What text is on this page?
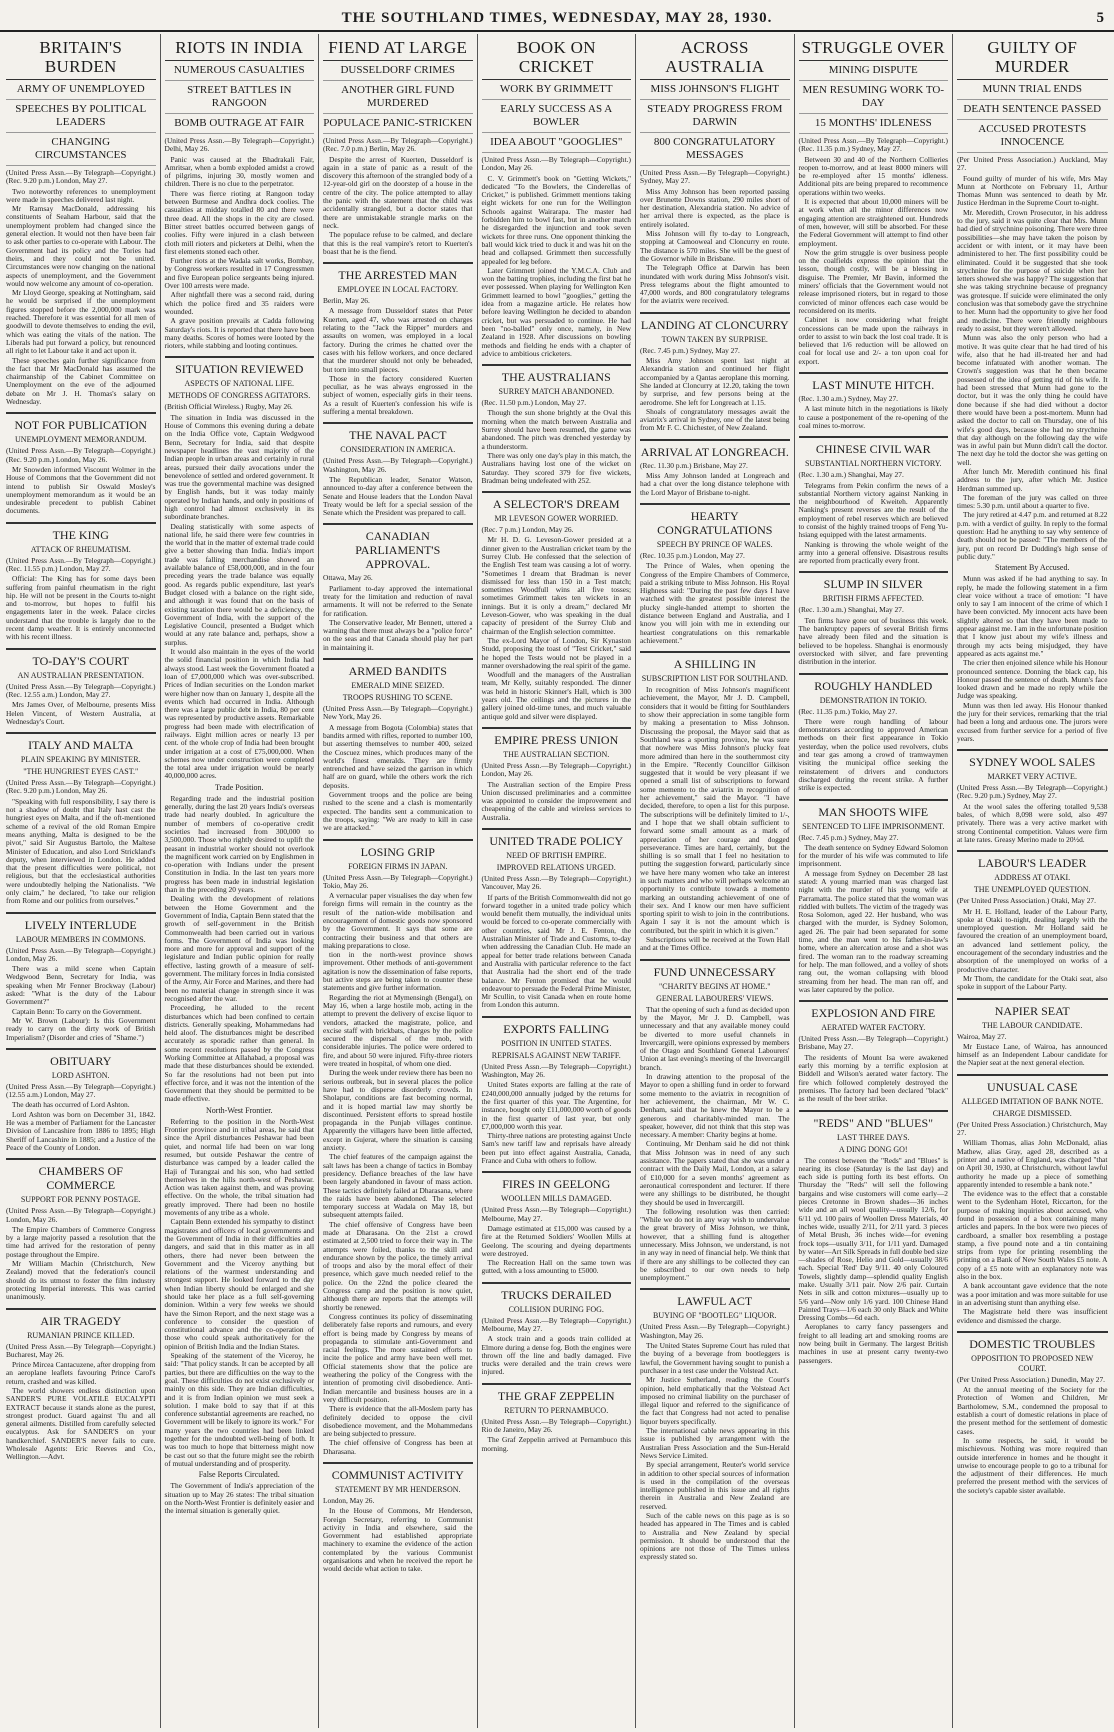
THE SOUTHLAND TIMES, WEDNESDAY, MAY 28, 1930.	5
BRITAIN'S BURDEN
ARMY OF UNEMPLOYED
SPEECHES BY POLITICAL LEADERS
CHANGING CIRCUMSTANCES
(United Press Assn.—By Telegraph—Copyright.) (Rec. 9.20 p.m.) London, May 27.

Two noteworthy references to unemployment were made in speeches delivered last night.

Mr Ramsay MacDonald, addressing his constituents of Seaham Harbour, said that the unemployment problem had changed since the general election. It would not then have been fair to ask other parties to co-operate with Labour. The Government had its policy and the Tories had theirs, and they could not be united. Circumstances were now changing on the national aspects of unemployment, and the Government would now welcome any amount of co-operation.

Mr Lloyd George, speaking at Nottingham, said he would be surprised if the unemployment figures stopped before the 2,000,000 mark was reached. Therefore it was essential for all men of goodwill to devote themselves to ending the evil, which was eating the vitals of the nation. The Liberals had put forward a policy, but renounced all right to let Labour take it and act upon it.

These speeches gain further significance from the fact that Mr MacDonald has assumed the chairmanship of the Cabinet Committee on Unemployment on the eve of the adjourned debate on Mr J. H. Thomas's salary on Wednesday.

NOT FOR PUBLICATION
UNEMPLOYMENT MEMORANDUM.
(United Press Assn.—By Telegraph—Copyright.) (Rec. 9.20 p.m.) London, May 26.

Mr Snowden informed Viscount Wolmer in the House of Commons that the Government did not intend to publish Sir Oswald Mosley's unemployment memorandum as it would be an undesirable precedent to publish Cabinet documents.

THE KING
ATTACK OF RHEUMATISM.
(United Press Assn.—By Telegraph—Copyright.) (Rec. 11.55 p.m.) London, May 27.

Official: The King has for some days been suffering from painful rheumatism in the right hip. He will not be present in the Courts to-night and to-morrow, but hopes to fulfil his engagements later in the week. Palace circles understand that the trouble is largely due to the recent damp weather. It is entirely unconnected with his recent illness.

TO-DAY'S COURT
AN AUSTRALIAN PRESENTATION.
(United Press Assn.—By Telegraph—Copyright.) (Rec. 12.55 a.m.) London, May 27.

Mrs James Over, of Melbourne, presents Miss Helen Vincent, of Western Australia, at Wednesday's Court.

ITALY AND MALTA
PLAIN SPEAKING BY MINISTER.
"THE HUNGRIEST EYES CAST."
(United Press Assn.—By Telegraph—Copyright.) (Rec. 9.20 p.m.) London, May 26.

"Speaking with full responsibility, I say there is not a shadow of doubt that Italy hast cast the hungriest eyes on Malta, and if the oft-mentioned scheme of a revival of the old Roman Empire means anything, Malta is designed to be the pivot," said Sir Augustus Bartolo, the Maltese Minister of Education, and also Lord Strickland's deputy, when interviewed in London. He added that the present difficulties were political, not religious, but that the ecclesiastical authorities were undoubtedly helping the Nationalists. "We only claim," he declared, "to take our religion from Rome and our politics from ourselves."

LIVELY INTERLUDE
LABOUR MEMBERS IN COMMONS.
(United Press Assn.—By Telegraph—Copyright.) London, May 26.

There was a mild scene when Captain Wedgwood Benn, Secretary for India, was speaking when Mr Fenner Brockway (Labour) asked: "What is the duty of the Labour Government?"

Captain Benn: To carry on the Government.

Mr W. Brown (Labour): Is this Government ready to carry on the dirty work of British Imperialism? (Disorder and cries of "Shame.")

OBITUARY
LORD ASHTON.
(United Press Assn.—By Telegraph—Copyright.) (12.55 a.m.) London, May 27.

The death has occurred of Lord Ashton.

Lord Ashton was born on December 31, 1842. He was a member of Parliament for the Lancaster Division of Lancashire from 1886 to 1895; High Sheriff of Lancashire in 1885; and a Justice of the Peace of the County of London.

CHAMBERS OF COMMERCE
SUPPORT FOR PENNY POSTAGE.
(United Press Assn.—By Telegraph—Copyright.) London, May 26.

The Empire Chambers of Commerce Congress by a large majority passed a resolution that the time had arrived for the restoration of penny postage throughout the Empire.

Mr William Machin (Christchurch, New Zealand) moved that the federation's council should do its utmost to foster the film industry protecting Imperial interests. This was carried unanimously.

AIR TRAGEDY
RUMANIAN PRINCE KILLED.
(United Press Assn.—By Telegraph—Copyright.) Bucharest, May 26.

Prince Mircea Cantacuzene, after dropping from an aeroplane leaflets favouring Prince Carol's return, crashed and was killed.

The world showers endless distinction upon SANDER'S PURE VOLATILE EUCALYPTI EXTRACT because it stands alone as the purest, strongest product. Guard against 'flu and all general ailments. Distilled from carefully selected eucalyptus. Ask for SANDER'S on your handkerchief. SANDER'S never fails to cure. Wholesale Agents: Eric Reeves and Co., Wellington.—Advt.

RIOTS IN INDIA
NUMEROUS CASUALTIES
STREET BATTLES IN RANGOON
BOMB OUTRAGE AT FAIR
(United Press Assn.—By Telegraph—Copyright.) Delhi, May 26.

Panic was caused at the Bhadrakali Fair, Amritsar, when a bomb exploded amidst a crowd of pilgrims, injuring 30, mostly women and children. There is no clue to the perpetrator.

There was fierce rioting at Rangoon today between Burmese and Andhra dock coolies. The casualties at midday totalled 80 and there were three dead. All the shops in the city are closed. Bitter street battles occurred between gangs of coolies. Fifty were injured in a clash between cloth mill rioters and picketers at Delhi, when the first elements stoned each other.

Further riots at the Wadala salt works, Bombay, by Congress workers resulted in 17 Congressmen and five European police sergeants being injured. Over 100 arrests were made.

After nightfall there was a second raid, during which the police fired and 35 raiders were wounded.

A grave position prevails at Cadda following Saturday's riots. It is reported that there have been many deaths. Scores of homes were looted by the rioters, while stabbing and looting continues.

SITUATION REVIEWED
ASPECTS OF NATIONAL LIFE.
METHODS OF CONGRESS AGITATORS.
(British Official Wireless.) Rugby, May 26.

The situation in India was discussed in the House of Commons this evening during a debate on the India Office vote, Captain Wedgwood Benn, Secretary for India, said that despite newspaper headlines the vast majority of the Indian people in urban areas and certainly in rural areas, pursued their daily avocations under the benevolence of settled and ordered government. It was true the governmental machine was designed by English hands, but it was today mainly operated by Indian hands, and only in positions of high control had almost exclusively in its subordinate branches.

Dealing statistically with some aspects of national life, he said there were few countries in the world that in the matter of external trade could give a better showing than India. India's import trade was falling merchandise showed an available balance of £58,000,000, and in the four preceding years the trade balance was equally good. As regards public expenditure, last year's Budget closed with a balance on the right side, and although it was found that on the basis of existing taxation there would be a deficiency, the Government of India, with the support of the Legislative Council, presented a Budget which would at any rate balance and, perhaps, show a surplus.

It would also maintain in the eyes of the world the solid financial position in which India had always stood. Last week the Government floated a loan of £7,000,000 which was over-subscribed. Prices of Indian securities on the London market were higher now than on January 1, despite all the events which had occurred in India. Although there was a large public debt in India, 80 per cent was represented by productive assets. Remarkable progress had been made with electrification of railways. Eight million acres or nearly 13 per cent. of the whole crop of India had been brought under irrigation at a cost of £75,000,000. When schemes now under construction were completed the total area under irrigation would be nearly 40,000,000 acres.

Trade Position.

Regarding trade and the industrial position generally, during the last 20 years India's overseas trade had nearly doubled. In agriculture the number of members of co-operative credit societies had increased from 300,000 to 3,500,000. Those who rightly desired to uplift the peasant in industrial worker should not overlook the magnificent work carried on by Englishmen in co-operation with Indians under the present Constitution in India. In the last ten years more progress has been made in industrial legislation than in the preceding 20 years.

Dealing with the development of relations between the Home Government and the Government of India, Captain Benn stated that the growth of self-government in the British Commonwealth had been carried out in various forms. The Government of India was looking more and more for approval and support of the legislature and Indian public opinion for really effective, lasting growth of a measure of self-government. The military forces in India consisted of the Army, Air Force and Marines, and there had been no material change in strength since it was recognised after the war.

Proceeding, he alluded to the recent disturbances which had been confined to certain districts. Generally speaking, Mohammedans had held aloof. The disturbances might be described accurately as sporadic rather than general. In some recent resolutions passed by the Congress Working Committee at Allahabad, a proposal was made that these disturbances should be extended. So far the resolutions had not been put into effective force, and it was not the intention of the Government that they should be permitted to be made effective.

North-West Frontier.

Referring to the position in the North-West Frontier province and in tribal areas, he said that since the April disturbances Peshawar had been quiet, and normal life had been on war long resumed, but outside Peshawar the centre of disturbance was camped by a leader called the Haji of Turangzai and his son, who had settled themselves in the hills north-west of Peshawar. Action was taken against them, and was proving effective. On the whole, the tribal situation had greatly improved. There had been no hostile movements of any tribe as a whole.

Captain Benn extended his sympathy to distinct magistrates and officers of local governments and the Government of India in their difficulties and dangers, and said that in this matter as in all others, there had never been between the Government and the Viceroy anything but relations of the warmest understanding and strongest support. He looked forward to the day when Indian liberty should be enlarged and she should take her place as a full self-governing dominion. Within a very few weeks we should have the Simon Report, and the next stage was a conference to consider the question of constitutional advance and the co-operation of those who could speak authoritatively for the opinion of British India and the Indian States.

Speaking of the statement of the Viceroy, he said: "That policy stands. It can be accepted by all parties, but there are difficulties on the way to the goal. These difficulties do not exist exclusively or mainly on this side. They are Indian difficulties, and it is from Indian opinion we must seek a solution. I make bold to say that if at this conference substantial agreements are reached, no Government will be likely to ignore its work." For many years the two countries had been linked together for the undoubted well-being of both. It was too much to hope that bitterness might now be cast out so that the future might see the rebirth of mutual understanding and of prosperity.

False Reports Circulated.

The Government of India's appreciation of the situation up to May 26 states: The tribal situation on the North-West Frontier is definitely easier and the internal situation is generally quiet.

FIEND AT LARGE
DUSSELDORF CRIMES
ANOTHER GIRL FUND MURDERED
POPULACE PANIC-STRICKEN
(United Press Assn.—By Telegraph—Copyright.) (Rec. 7.0 p.m.) Berlin, May 26.

Despite the arrest of Kuerten, Dusseldorf is again in a state of panic as a result of the discovery this afternoon of the strangled body of a 12-year-old girl on the doorstep of a house in the centre of the city. The police attempted to allay the panic with the statement that the child was accidentally strangled, but a doctor states that there are unmistakable strangle marks on the neck.

The populace refuse to be calmed, and declare that this is the real vampire's retort to Kuerten's boast that he is the fiend.

THE ARRESTED MAN
EMPLOYEE IN LOCAL FACTORY.
Berlin, May 26.

A message from Dusseldorf states that Peter Kuerten, aged 47, who was arrested on charges relating to the "Jack the Ripper" murders and assaults on women, was employed in a local factory. During the crimes he chatted over the cases with his fellow workers, and once declared that the murderer should not only be beheaded, but torn into small pieces.

Those in the factory considered Kuerten peculiar, as he was always engrossed in the subject of women, especially girls in their teens. As a result of Kuerten's confession his wife is suffering a mental breakdown.

THE NAVAL PACT
CONSIDERATION IN AMERICA.
(United Press Assn.—By Telegraph—Copyright.) Washington, May 26.

The Republican leader, Senator Watson, announced to-day after a conference between the Senate and House leaders that the London Naval Treaty would be left for a special session of the Senate which the President was prepared to call.

CANADIAN PARLIAMENT'S APPROVAL.
Ottawa, May 26.

Parliament to-day approved the international treaty for the limitation and reduction of naval armaments. It will not be referred to the Senate for ratification.

The Conservative leader, Mr Bennett, uttered a warning that there must always be a "police force" on the seas and that Canada should play her part in maintaining it.

ARMED BANDITS
EMERALD MINE SEIZED.
TROOPS RUSHING TO SCENE.
(United Press Assn.—By Telegraph—Copyright.) New York, May 26.

A message from Bogota (Colombia) states that bandits armed with rifles, reported to number 100, but asserting themselves to number 400, seized the Coscuez mines, which produces many of the world's finest emeralds. They are firmly entrenched and have seized the garrison in which half are on guard, while the others work the rich deposits.

Government troops and the police are being rushed to the scene and a clash is momentarily expected. The bandits sent a communication to the troops, saying: "We are ready to kill in case we are attacked."

LOSING GRIP
FOREIGN FIRMS IN JAPAN.
(United Press Assn.—By Telegraph—Copyright.) Tokio, May 26.

A vernacular paper visualises the day when few foreign firms will remain in the country as the result of the nation-wide mobilisation and encouragement of domestic goods now sponsored by the Government. It says that some are contracting their business and that others are making preparations to close.

tion in the north-west province shows improvement. Other methods of anti-government agitation is now the dissemination of false reports, but active steps are being taken to counter these statements and give further information.

Regarding the riot at Mymensingh (Bengal), on May 16, when a large hostile mob, acting in the attempt to prevent the delivery of excise liquor to vendors, attacked the magistrate, police, and excise staff with brickbats, charges by the police secured the dispersal of the mob, with considerable injuries. The police were ordered to fire, and about 50 were injured. Fifty-three rioters were treated in hospital, of whom one died.

During the week under review there has been no serious outbreak, but in several places the police have had to disperse disorderly crowds. In Sholapur, conditions are fast becoming normal, and it is hoped martial law may shortly be discontinued. Persistent efforts to spread hostile propaganda in the Punjab villages continue. Apparently the villagers have been little affected, except in Gujerat, where the situation is causing anxiety.

The chief features of the campaign against the salt laws has been a change of tactics in Bombay presidency. Defiance breaches of the law have been largely abandoned in favour of mass action. These tactics definitely failed at Dharasana, where the raids have been abandoned. The selected temporary success at Wadala on May 18, but subsequent attempts failed.

The chief offensive of Congress have been made at Dharasana. On the 21st a crowd estimated at 2,500 tried to force their way in. The attempts were foiled, thanks to the skill and endurance shown by the police, the timely arrival of troops and also by the moral effect of their presence, which gave much needed relief to the police. On the 22nd the police cleared the Congress camp and the position is now quiet, although there are reports that the attempts will shortly be renewed.

Congress continues its policy of disseminating deliberately false reports and rumours, and every effort is being made by Congress by means of propaganda to stimulate anti-Government and racial feelings. The more sustained efforts to incite the police and army have been well met. Official statements show that the police are weathering the policy of the Congress with the intention of promoting civil disobedience. Anti-Indian mercantile and business houses are in a very difficult position.

There is evidence that the all-Moslem party has definitely decided to oppose the civil disobedience movement, and the Mohammedans are being subjected to pressure.

The chief offensive of Congress has been at Dharasana.

COMMUNIST ACTIVITY
STATEMENT BY MR HENDERSON.
London, May 26.

In the House of Commons, Mr Henderson, Foreign Secretary, referring to Communist activity in India and elsewhere, said the Government had established appropriate machinery to examine the evidence of the action contemplated by the various Communist organisations and when he received the report he would decide what action to take.

BOOK ON CRICKET
WORK BY GRIMMETT
EARLY SUCCESS AS A BOWLER
IDEA ABOUT "GOOGLIES"
(United Press Assn.—By Telegraph—Copyright.) London, May 26.

C. V. Grimmett's book on "Getting Wickets," dedicated "To the Bowlers, the Cinderellas of Cricket," is published. Grimmett mentions taking eight wickets for one run for the Wellington Schools against Wairarapa. The master had forbidden him to bowl fast, but in another match he disregarded the injunction and took seven wickets for three runs. One opponent thinking the ball would kick tried to duck it and was hit on the head and collapsed. Grimmett then successfully appealed for leg before.

Later Grimmett joined the Y.M.C.A. Club and won the batting trophies, including the first bat he ever possessed. When playing for Wellington Ken Grimmett learned to bowl "googlies," getting the idea from a magazine article. He relates how before leaving Wellington he decided to abandon cricket, but was persuaded to continue. He had been "no-balled" only once, namely, in New Zealand in 1928. After discussions on bowling methods and fielding he ends with a chapter of advice to ambitious cricketers.

THE AUSTRALIANS
SURREY MATCH ABANDONED.
(Rec. 11.50 p.m.) London, May 27.

Though the sun shone brightly at the Oval this morning when the match between Australia and Surrey should have been resumed, the game was abandoned. The pitch was drenched yesterday by a thunderstorm.

There was only one day's play in this match, the Australians having lost one of the wicket on Saturday. They scored 379 for five wickets, Bradman being undefeated with 252.

A SELECTOR'S DREAM
MR LEVESON GOWER WORRIED.
(Rec. 7 p.m.) London, May 26.

Mr H. D. G. Leveson-Gower presided at a dinner given to the Australian cricket team by the Surrey Club. He confessed that the selection of the English Test team was causing a lot of worry. "Sometimes I dream that Bradman is never dismissed for less than 150 in a Test match; sometimes Woodfull wins all five tosses; sometimes Grimmett takes ten wickets in an innings. But it is only a dream," declared Mr Leveson-Gower, who was speaking in the dual capacity of president of the Surrey Club and chairman of the English selection committee.

The ex-Lord Mayor of London, Sir Kynaston Studd, proposing the toast of "Test Cricket," said he hoped the Tests would not be played in a manner overshadowing the real spirit of the game.

Woodfull and the managers of the Australian team, Mr Kelly, suitably responded. The dinner was held in historic Skinner's Hall, which is 300 years old. The ceilings and the pictures in the gallery joined old-time tunes, and much valuable antique gold and silver were displayed.

EMPIRE PRESS UNION
THE AUSTRALIAN SECTION.
(United Press Assn.—By Telegraph—Copyright.) London, May 26.

The Australian section of the Empire Press Union discussed preliminaries and a committee was appointed to consider the improvement and cheapening of the cable and wireless services to Australia.

UNITED TRADE POLICY
NEED OF BRITISH EMPIRE.
IMPROVED RELATIONS URGED.
(United Press Assn.—By Telegraph—Copyright.) Vancouver, May 26.

If parts of the British Commonwealth did not go forward together in a united trade policy which would benefit them mutually, the individual units would be forced to co-operate commercially with other countries, said Mr J. E. Fenton, the Australian Minister of Trade and Customs, to-day when addressing the Canadian Club. He made an appeal for better trade relations between Canada and Australia with particular reference to the fact that Australia had the short end of the trade balance. Mr Fenton promised that he would endeavour to persuade the Federal Prime Minister, Mr Scullin, to visit Canada when en route home from London this autumn.

EXPORTS FALLING
POSITION IN UNITED STATES.
REPRISALS AGAINST NEW TARIFF.
(United Press Assn.—By Telegraph—Copyright.) Washington, May 26.

United States exports are falling at the rate of £240,000,000 annually judged by the returns for the first quarter of this year. The Argentine, for instance, bought only £11,000,000 worth of goods in the first quarter of last year, but only £7,000,000 worth this year.

Thirty-three nations are protesting against Uncle Sam's new tariff law and reprisals have already been put into effect against Australia, Canada, France and Cuba with others to follow.

FIRES IN GEELONG
WOOLLEN MILLS DAMAGED.
(United Press Assn.—By Telegraph—Copyright.) Melbourne, May 27.

Damage estimated at £15,000 was caused by a fire at the Returned Soldiers' Woollen Mills at Geelong. The scouring and dyeing departments were destroyed.

The Recreation Hall on the same town was gutted, with a loss amounting to £5000.

TRUCKS DERAILED
COLLISION DURING FOG.
(United Press Assn.—By Telegraph—Copyright.) Melbourne, May 27.

A stock train and a goods train collided at Elmore during a dense fog. Both the engines were thrown off the line and badly damaged. Five trucks were derailed and the train crews were injured.

THE GRAF ZEPPELIN
RETURN TO PERNAMBUCO.
(United Press Assn.—By Telegraph—Copyright.) Rio de Janeiro, May 26.

The Graf Zeppelin arrived at Pernambuco this morning.

ACROSS AUSTRALIA
MISS JOHNSON'S FLIGHT
STEADY PROGRESS FROM DARWIN
800 CONGRATULATORY MESSAGES
(United Press Assn.—By Telegraph—Copyright.) Sydney, May 27.

Miss Amy Johnson has been reported passing over Brunette Downs station, 290 miles short of her destination, Alexandria station. No advice of her arrival there is expected, as the place is entirely isolated.

Miss Johnson will fly to-day to Longreach, stopping at Camooweal and Cloncurry en route. The distance is 570 miles. She will be the guest of the Governor while in Brisbane.

The Telegraph Office at Darwin has been inundated with work during Miss Johnson's visit. Press telegrams about the flight amounted to 47,000 words, and 800 congratulatory telegrams for the aviatrix were received.

LANDING AT CLONCURRY
TOWN TAKEN BY SURPRISE.
(Rec. 7.45 p.m.) Sydney, May 27.

Miss Amy Johnson spent last night at Alexandria station and continued her flight accompanied by a Qantas aeroplane this morning. She landed at Cloncurry at 12.20, taking the town by surprise, and few persons being at the aerodrome. She left for Longreach at 1.15.

Shoals of congratulatory messages await the aviatrix's arrival in Sydney, one of the latest being from Mr F. C. Chichester, of New Zealand.

ARRIVAL AT LONGREACH.
(Rec. 11.30 p.m.) Brisbane, May 27.

Miss Amy Johnson landed at Longreach and had a chat over the long distance telephone with the Lord Mayor of Brisbane to-night.

HEARTY CONGRATULATIONS
SPEECH BY PRINCE OF WALES.
(Rec. 10.35 p.m.) London, May 27.

The Prince of Wales, when opening the Congress of the Empire Chambers of Commerce, paid a striking tribute to Miss Johnson. His Royal Highness said: "During the past few days I have watched with the greatest possible interest the plucky single-handed attempt to shorten the distance between England and Australia, and I know you will join with me in extending our heartiest congratulations on this remarkable achievement."

A SHILLING IN
SUBSCRIPTION LIST FOR SOUTHLAND.

In recognition of Miss Johnson's magnificent achievement, the Mayor, Mr J. D. Campbell, considers that it would be fitting for Southlanders to show their appreciation in some tangible form by making a presentation to Miss Johnson. Discussing the proposal, the Mayor said that as Southland was a sporting province, he was sure that nowhere was Miss Johnson's plucky feat more admired than here in the southernmost city in the Empire. "Recently Councillor Gilkison suggested that it would be very pleasant if we opened a small list of subscriptions to forward some memento to the aviatrix in recognition of her achievement," said the Mayor. "I have decided, therefore, to open a list for this purpose. The subscriptions will be definitely limited to 1/-, and I hope that we shall obtain sufficient to forward some small amount as a mark of appreciation of her courage and dogged perseverance. Times are hard, certainly, but the shilling is so small that I feel no hesitation to putting the suggestion forward, particularly since we have here many women who take an interest in such matters and who will perhaps welcome an opportunity to contribute towards a memento marking an outstanding achievement of one of their sex. And I know our men have sufficient sporting spirit to wish to join in the contributions. Again I say it is not the amount which is contributed, but the spirit in which it is given."

Subscriptions will be received at the Town Hall and at the Times Office.

FUND UNNECESSARY
"CHARITY BEGINS AT HOME."
GENERAL LABOURERS' VIEWS.

That the opening of such a fund as decided upon by the Mayor, Mr J. D. Campbell, was unnecessary and that any available money could be diverted to more useful channels in Invercargill, were opinions expressed by members of the Otago and Southland General Labourers' Union at last evening's meeting of the Invercargill branch.

In drawing attention to the proposal of the Mayor to open a shilling fund in order to forward some memento to the aviatrix in recognition of her achievement, the chairman, Mr W. C. Denham, said that he knew the Mayor to be a generous and charitably-minded man. The speaker, however, did not think that this step was necessary. A member: Charity begins at home.

Continuing, Mr Denham said he did not think that Miss Johnson was in need of any such assistance. The papers stated that she was under a contract with the Daily Mail, London, at a salary of £10,000 for a seven months' agreement as aeronautical correspondent and lecturer. If there were any shillings to be distributed, he thought they should be used in Invercargill.

The following resolution was then carried: "While we do not in any way wish to undervalue the great bravery of Miss Johnson, we think, however, that a shilling fund is altogether unnecessary. Miss Johnson, we understand, is not in any way in need of financial help. We think that if there are any shillings to be collected they can be subscribed to our own needs to help unemployment."

LAWFUL ACT
BUYING OF "BOOTLEG" LIQUOR.
(United Press Assn.—By Telegraph—Copyright.) Washington, May 26.

The United States Supreme Court has ruled that the buying of a beverage from bootleggers is lawful, the Government having sought to punish a purchaser in a test case under the Volstead Act.

Mr Justice Sutherland, reading the Court's opinion, held emphatically that the Volstead Act imposed no criminal liability on the purchaser of illegal liquor and referred to the significance of the fact that Congress had not acted to penalise liquor buyers specifically.

The international cable news appearing in this issue is published by arrangement with the Australian Press Association and the Sun-Herald News Service Limited.

By special arrangement, Reuter's world service in addition to other special sources of information is used in the compilation of the overseas intelligence published in this issue and all rights therein in Australia and New Zealand are reserved.

Such of the cable news on this page as is so headed has appeared in The Times and is cabled to Australia and New Zealand by special permission. It should be understood that the opinions are not those of The Times unless expressly stated so.

STRUGGLE OVER
MINING DISPUTE
MEN RESUMING WORK TO-DAY
15 MONTHS' IDLENESS
(United Press Assn.—By Telegraph—Copyright.) (Rec. 11.35 p.m.) Sydney, May 27.

Between 30 and 40 of the Northern Collieries reopen to-morrow, and at least 8000 miners will be re-employed after 15 months' idleness. Additional pits are being prepared to recommence operations within two weeks.

It is expected that about 10,000 miners will be at work when all the minor differences now engaging attention are straightened out. Hundreds of men, however, will still be absorbed. For these the Federal Government will attempt to find other employment.

Now the grim struggle is over business people on the coalfields express the opinion that the lesson, though costly, will be a blessing in disguise. The Premier, Mr Bavin, informed the miners' officials that the Government would not release imprisoned rioters, but in regard to those convicted of minor offences each case would be reconsidered on its merits.

Cabinet is now considering what freight concessions can be made upon the railways in order to assist to win back the lost coal trade. It is believed that 1/6 reduction will be allowed on coal for local use and 2/- a ton upon coal for export.

LAST MINUTE HITCH.
(Rec. 1.30 a.m.) Sydney, May 27.

A last minute hitch in the negotiations is likely to cause a postponement of the re-opening of the coal mines to-morrow.

CHINESE CIVIL WAR
SUBSTANTIAL NORTHERN VICTORY.
(Rec. 1.30 a.m.) Shanghai, May 27.

Telegrams from Pekin confirm the news of a substantial Northern victory against Nanking in the neighbourhood of Kweiteh. Apparently Nanking's present reverses are the result of the employment of rebel reserves which are believed to consist of the highly trained troops of Feng Yu-hsiang equipped with the latest armaments.

Nanking is throwing the whole weight of the army into a general offensive. Disastrous results are reported from practically every front.

SLUMP IN SILVER
BRITISH FIRMS AFFECTED.
(Rec. 1.30 a.m.) Shanghai, May 27.

Ten firms have gone out of business this week. The bankruptcy papers of several British firms have already been filed and the situation is believed to be hopeless. Shanghai is enormously overstocked with silver, and fare preventing distribution in the interior.

ROUGHLY HANDLED
DEMONSTRATION IN TOKIO.
(Rec. 11.35 p.m.) Tokio, May 27.

There were rough handling of labour demonstrators according to approved American methods on their first appearance in Tokio yesterday, when the police used revolvers, clubs and tear gas among a crowd of tramwaymen visiting the municipal office seeking the reinstatement of drivers and conductors discharged during the recent strike. A further strike is expected.

MAN SHOOTS WIFE
SENTENCED TO LIFE IMPRISONMENT.
(Rec. 7.45 p.m.) Sydney, May 27.

The death sentence on Sydney Edward Solomon for the murder of his wife was commuted to life imprisonment.

A message from Sydney on December 28 last stated: A young married man was charged last night with the murder of his young wife at Parramatta. The police stated that the woman was riddled with bullets. The victim of the tragedy was Rosa Solomon, aged 22. Her husband, who was charged with the murder, is Sydney Solomon, aged 26. The pair had been separated for some time, and the man went to his father-in-law's home, where an altercation arose and a shot was fired. The woman ran to the roadway screaming for help. The man followed, and a volley of shots rang out, the woman collapsing with blood streaming from her head. The man ran off, and was later captured by the police.

EXPLOSION AND FIRE
AERATED WATER FACTORY.
(United Press Assn.—By Telegraph—Copyright.) Brisbane, May 27.

The residents of Mount Isa were awakened early this morning by a terrific explosion at Biddell and Wilson's aerated water factory. The fire which followed completely destroyed the premises. The factory had been declared "black" as the result of the beer strike.

"REDS" AND "BLUES"
LAST THREE DAYS.
A DING DONG GO!

The contest between the "Reds" and "Blues" is nearing its close (Saturday is the last day) and each side is putting forth its best efforts. On Thursday the "Reds" will sell the following bargains and wise customers will come early—2 pieces Cretonne in Brown shades—36 inches wide and an all wool quality—usually 12/6, for 6/11 yd. 100 pairs of Woollen Dress Materials, 40 inches wide, usually 2/11, for 2/11 yard. 3 pieces of Metal Brush, 36 inches wide—for evening frock tops—usually 3/11, for 1/11 yard. Damaged by water—Art Silk Spreads in full double bed size—shades of Rose, Helio and Gold—usually 38/6 each. Special 'Red' Day 9/11. 40 only Coloured Towels, slightly damp—splendid quality English make. Usually 3/11 pair. Now 2/6 pair. Curtain Nets in silk and cotton mixtures—usually up to 5/6 yard—Now only 1/6 yard. 100 Chinese Hand Painted Trays—1/6 each 30 only Black and White Dressing Combs—6d each.

Aeroplanes to carry fancy passengers and freight to all leading art and smoking rooms are now being built in Germany. The largest British machines in use at present carry twenty-two passengers.

GUILTY OF MURDER
MUNN TRIAL ENDS
DEATH SENTENCE PASSED
ACCUSED PROTESTS INNOCENCE
(Per United Press Association.) Auckland, May 27.

Found guilty of murder of his wife, Mrs May Munn at Northcote on February 11, Arthur Thomas Munn was sentenced to death by Mr. Justice Herdman in the Supreme Court to-night.

Mr. Meredith, Crown Prosecutor, in his address to the jury, said it was quite clear that Mrs. Munn had died of strychnine poisoning. There were three possibilities—she may have taken the poison by accident or with intent, or it may have been administered to her. The first possibility could be eliminated. Could it be suggested that she took strychnine for the purpose of suicide when her letters showed she was happy? The suggestion that she was taking strychnine because of pregnancy was grotesque. If suicide were eliminated the only conclusion was that somebody gave the strychnine to her. Munn had the opportunity to give her food and medicine. There were friendly neighbours ready to assist, but they weren't allowed.

Munn was also the only person who had a motive. It was quite clear that he had tired of his wife, also that he had ill-treated her and had become infatuated with another woman. The Crown's suggestion was that he then became possessed of the idea of getting rid of his wife. It had been stressed that Munn had gone to the doctor, but it was the only thing he could have done because if she had died without a doctor there would have been a post-mortem. Munn had asked the doctor to call on Thursday, one of his wife's good days, because she had no strychnine that day although on the following day the wife was in awful pain but Munn didn't call the doctor. The next day he told the doctor she was getting on well.

After lunch Mr. Meredith continued his final address to the jury, after which Mr. Justice Herdman summed up.

The foreman of the jury was called on three times: 5.30 p.m. until about a quarter to five.

The jury retired at 4.47 p.m. and returned at 8.22 p.m. with a verdict of guilty. In reply to the formal question: Had he anything to say why sentence of death should not be passed: "The members of the jury, put on record Dr Dudding's high sense of public duty."

Statement By Accused.

Munn was asked if he had anything to say. In reply, he made the following statement in a firm clear voice without a trace of emotion: "I have only to say I am innocent of the crime of which I have been convicted. My innocent acts have been slightly altered so that they have been made to appear against me. I am in the unfortunate position that I know just about my wife's illness and through my acts being misjudged, they have appeared as acts against me."

The crier then enjoined silence while his Honour pronounced sentence. Donning the black cap, his Honour passed the sentence of death. Munn's face looked drawn and he made no reply while the Judge was speaking.

Munn was then led away. His Honour thanked the jury for their services, remarking that the trial had been a long and arduous one. The jurors were excused from further service for a period of five years.

SYDNEY WOOL SALES
MARKET VERY ACTIVE.
(United Press Assn.—By Telegraph—Copyright.) (Rec. 9.20 p.m.) Sydney, May 27.

At the wool sales the offering totalled 9,538 bales, of which 8,098 were sold, also 497 privately. There was a very active market with strong Continental competition. Values were firm at late rates. Greasy Merino made to 20½d.

LABOUR'S LEADER
ADDRESS AT OTAKI.
THE UNEMPLOYED QUESTION.
(Per United Press Association.) Otaki, May 27.

Mr H. E. Holland, leader of the Labour Party, spoke at Otaki to-night, dealing largely with the unemployed question. Mr Holland said he favoured the creation of an unemployment board, an advanced land settlement policy, the encouragement of the secondary industries and the absorption of the unemployed on works of a productive character.

Mr Thom, the candidate for the Otaki seat, also spoke in support of the Labour Party.

NAPIER SEAT
THE LABOUR CANDIDATE.
Wairoa, May 27.

Mr Eustace Lane, of Wairoa, has announced himself as an Independent Labour candidate for the Napier seat at the next general election.

UNUSUAL CASE
ALLEGED IMITATION OF BANK NOTE.
CHARGE DISMISSED.
(Per United Press Association.) Christchurch, May 27.

William Thomas, alias John McDonald, alias Mathew, alias Gray, aged 28, described as a printer and a native of England, was charged "that on April 30, 1930, at Christchurch, without lawful authority he made up a piece of something apparently intended to resemble a bank note."

The evidence was to the effect that a constable went to the Sydenham Hotel, Riccarton, for the purpose of making inquiries about accused, who found in possession of a box containing many articles and papers. In the box were two pieces of cardboard, a smaller box resembling a postage stamp, a five pound note and a tin containing strips from type for printing resembling the printing on a Bank of New South Wales £5 note. A copy of a £5 note with an explanatory note was also in the box.

A bank accountant gave evidence that the note was a poor imitation and was more suitable for use in an advertising stunt than anything else.

The Magistrate held there was insufficient evidence and dismissed the charge.

DOMESTIC TROUBLES
OPPOSITION TO PROPOSED NEW COURT.
(Per United Press Association.) Dunedin, May 27.

At the annual meeting of the Society for the Protection of Women and Children, Mr Bartholomew, S.M., condemned the proposal to establish a court of domestic relations in place of the present method for the settlement of domestic cases.

In some respects, he said, it would be mischievous. Nothing was more required than outside interference in homes and he thought it unwise to encourage people to go to a tribunal for the adjustment of their differences. He much preferred the present method with the services of the society's capable sister available.
